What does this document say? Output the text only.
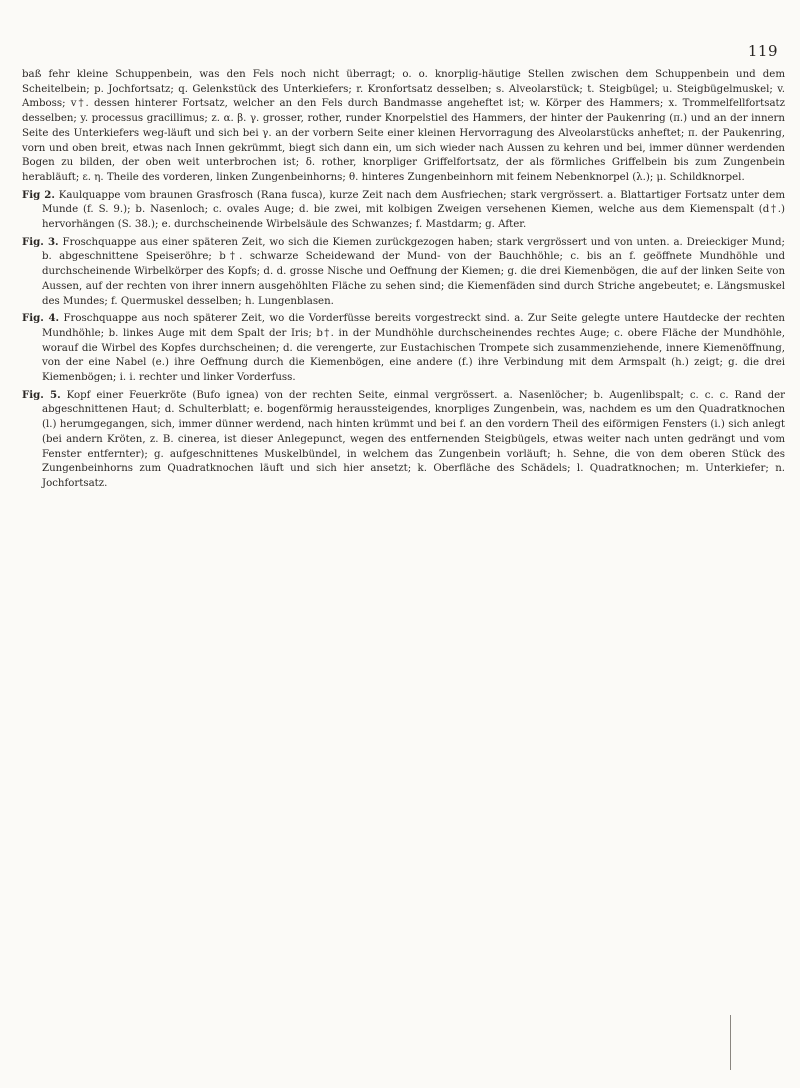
119

baß fehr kleine Schuppenbein, was den Fels noch nicht überragt; o. o. knorplig-häutige Stellen zwischen dem Schuppenbein und dem Scheitelbein; p. Jochfortsatz; q. Gelenkstück des Unterkiefers; r. Kronfortsatz desselben; s. Alveolarstück; t. Steigbügel; u. Steigbügelmuskel; v. Amboss; v†. dessen hinterer Fortsatz, welcher an den Fels durch Bandmasse angeheftet ist; w. Körper des Hammers; x. Trommelfellfortsatz desselben; y. processus gracillimus; z. α. β. γ. grosser, rother, runder Knorpelstiel des Hammers, der hinter der Paukenring (π.) und an der innern Seite des Unterkiefers weg-läuft und sich bei γ. an der vorbern Seite einer kleinen Hervorragung des Alveolarstücks anheftet; π. der Paukenring, vorn und oben breit, etwas nach Innen gekrümmt, biegt sich dann ein, um sich wieder nach Aussen zu kehren und bei, immer dünner werdenden Bogen zu bilden, der oben weit unterbrochen ist; δ. rother, knorpliger Griffelfortsatz, der als förmliches Griffelbein bis zum Zungenbein herabläuft; ε. η. Theile des vorderen, linken Zungenbeinhorns; θ. hinteres Zungenbeinhorn mit feinem Nebenknorpel (λ.); μ. Schildknorpel.

Fig 2. Kaulquappe vom braunen Grasfrosch (Rana fusca), kurze Zeit nach dem Ausfriechen; stark vergrössert. a. Blattartiger Fortsatz unter dem Munde (f. S. 9.); b. Nasenloch; c. ovales Auge; d. bie zwei, mit kolbigen Zweigen versehenen Kiemen, welche aus dem Kiemenspalt (d†.) hervorhängen (S. 38.); e. durchscheinende Wirbelsäule des Schwanzes; f. Mastdarm; g. After.

Fig. 3. Froschquappe aus einer späteren Zeit, wo sich die Kiemen zurückgezogen haben; stark vergrössert und von unten. a. Dreieckiger Mund; b. abgeschnittene Speiseröhre; b†. schwarze Scheidewand der Mund- von der Bauchhöhle; c. bis an f. geöffnete Mundhöhle und durchscheinende Wirbelkörper des Kopfs; d. d. grosse Nische und Oeffnung der Kiemen; g. die drei Kiemenbögen, die auf der linken Seite von Aussen, auf der rechten von ihrer innern ausgehöhlten Fläche zu sehen sind; die Kiemenfäden sind durch Striche angebeutet; e. Längsmuskel des Mundes; f. Quermuskel desselben; h. Lungenblasen.

Fig. 4. Froschquappe aus noch späterer Zeit, wo die Vorderfüsse bereits vorgestreckt sind. a. Zur Seite gelegte untere Hautdecke der rechten Mundhöhle; b. linkes Auge mit dem Spalt der Iris; b†. in der Mundhöhle durchscheinendes rechtes Auge; c. obere Fläche der Mundhöhle, worauf die Wirbel des Kopfes durchscheinen; d. die verengerte, zur Eustachischen Trompete sich zusammenziehende, innere Kiemenöffnung, von der eine Nabel (e.) ihre Oeffnung durch die Kiemenbögen, eine andere (f.) ihre Verbindung mit dem Armspalt (h.) zeigt; g. die drei Kiemenbögen; i. i. rechter und linker Vorderfuss.

Fig. 5. Kopf einer Feuerkröte (Bufo ignea) von der rechten Seite, einmal vergrössert. a. Nasenlöcher; b. Augenlibspalt; c. c. c. Rand der abgeschnittenen Haut; d. Schulterblatt; e. bogenförmig heraussteigendes, knorpliges Zungenbein, was, nachdem es um den Quadratknochen (l.) herumgegangen, sich, immer dünner werdend, nach hinten krümmt und bei f. an den vordern Theil des eiförmigen Fensters (i.) sich anlegt (bei andern Kröten, z. B. cinerea, ist dieser Anlegepunct, wegen des entfernenden Steigbügels, etwas weiter nach unten gedrängt und vom Fenster entfernter); g. aufgeschnittenes Muskelbündel, in welchem das Zungenbein vorläuft; h. Sehne, die von dem oberen Stück des Zungenbeinhorns zum Quadratknochen läuft und sich hier ansetzt; k. Oberfläche des Schädels; l. Quadratknochen; m. Unterkiefer; n. Jochfortsatz.
